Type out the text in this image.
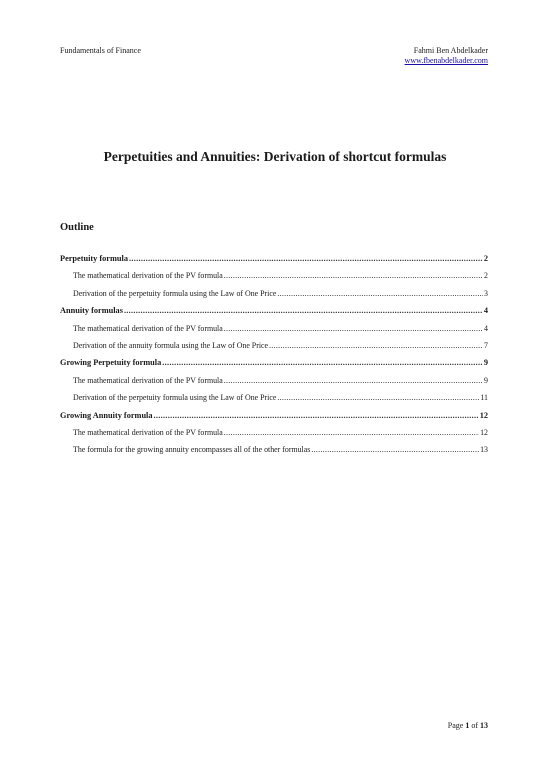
Fundamentals of Finance	Fahmi Ben Abdelkader
www.fbenabdelkader.com
Perpetuities and Annuities: Derivation of shortcut formulas
Outline
Perpetuity formula .....	2
The mathematical derivation of the PV formula .....	2
Derivation of the perpetuity formula using the Law of One Price .....	3
Annuity formulas .....	4
The mathematical derivation of the PV formula .....	4
Derivation of the annuity formula using the Law of One Price .....	7
Growing Perpetuity formula .....	9
The mathematical derivation of the PV formula .....	9
Derivation of the perpetuity formula using the Law of One Price .....	11
Growing Annuity formula .....	12
The mathematical derivation of the PV formula .....	12
The formula for the growing annuity encompasses all of the other formulas .....	13
Page 1 of 13
